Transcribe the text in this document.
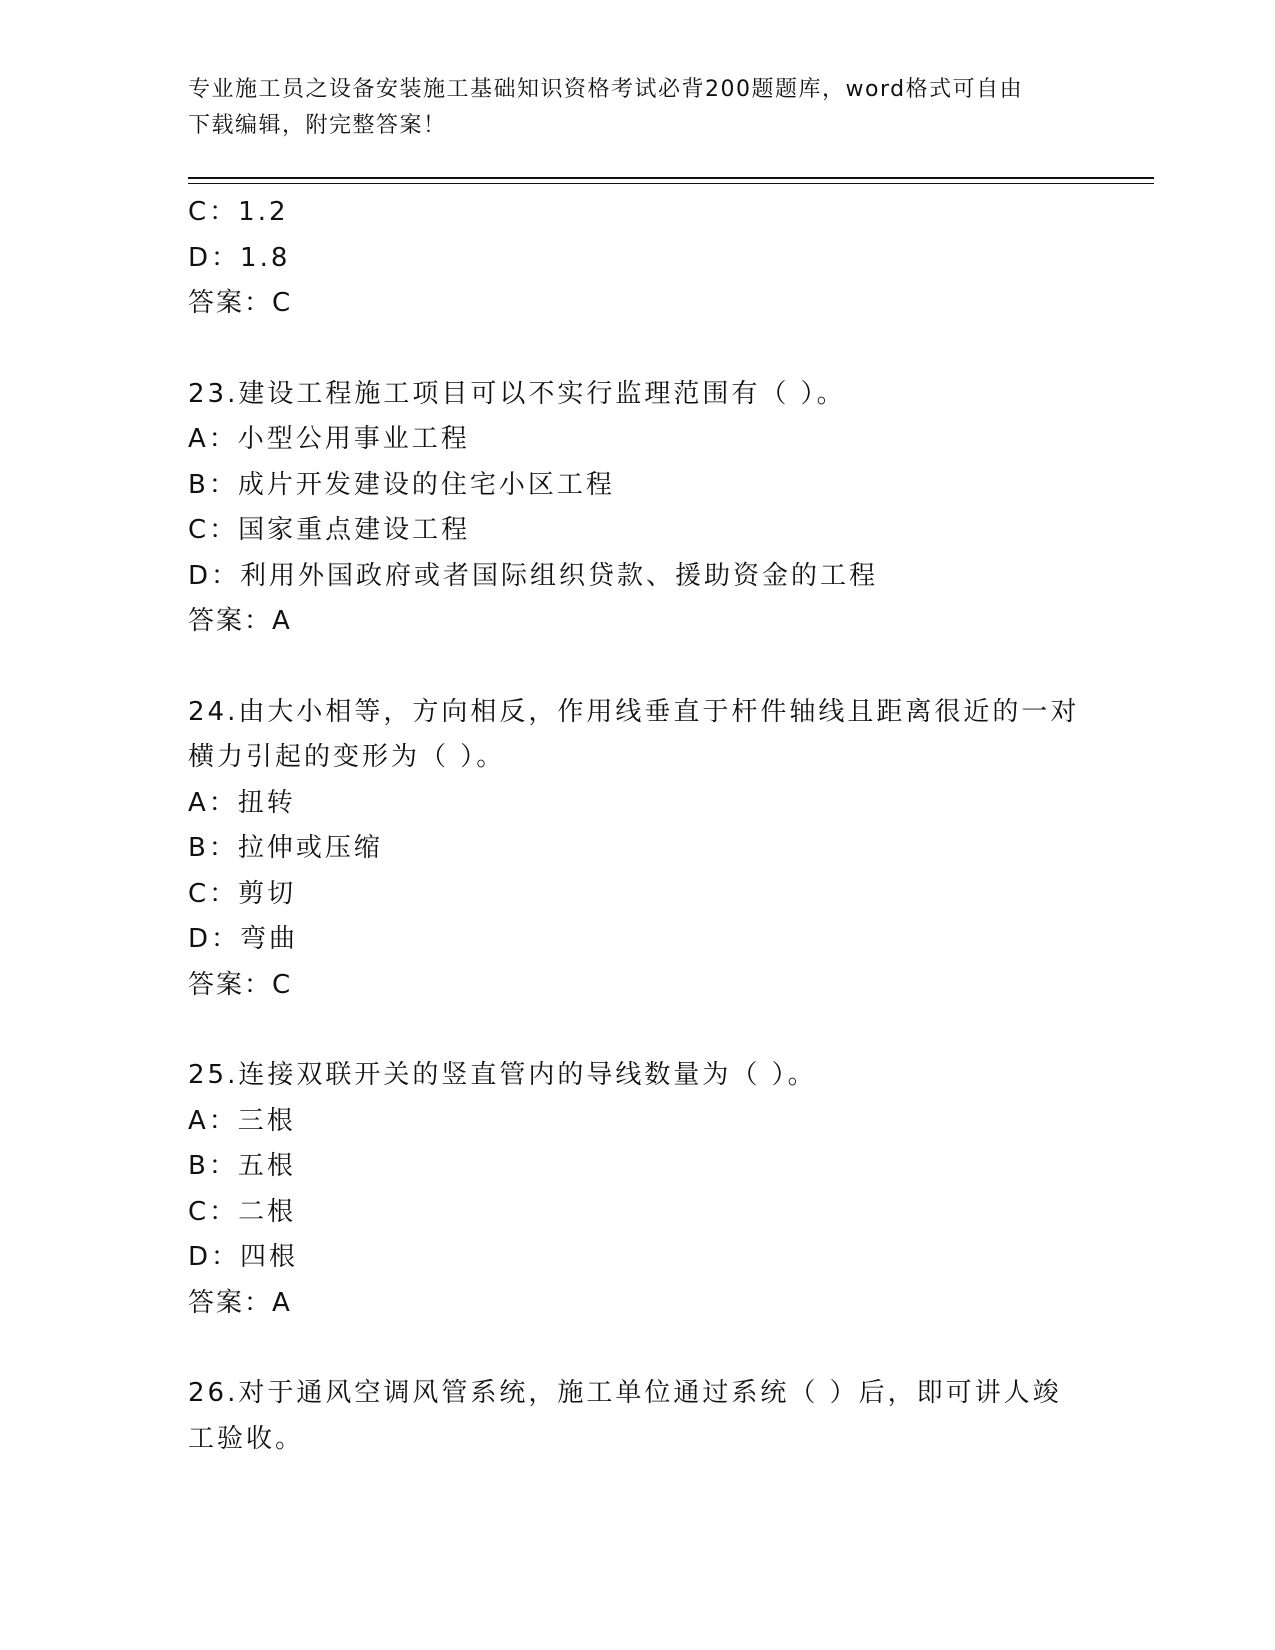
专业施工员之设备安装施工基础知识资格考试必背200题题库，word格式可自由
下载编辑，附完整答案！
C：1.2
D：1.8
答案：C
23.建设工程施工项目可以不实行监理范围有（ ）。
A：小型公用事业工程
B：成片开发建设的住宅小区工程
C：国家重点建设工程
D：利用外国政府或者国际组织贷款、援助资金的工程
答案：A
24.由大小相等，方向相反，作用线垂直于杆件轴线且距离很近的一对
横力引起的变形为（ ）。
A：扭转
B：拉伸或压缩
C：剪切
D：弯曲
答案：C
25.连接双联开关的竖直管内的导线数量为（ ）。
A：三根
B：五根
C：二根
D：四根
答案：A
26.对于通风空调风管系统，施工单位通过系统（ ）后，即可讲人竣
工验收。
